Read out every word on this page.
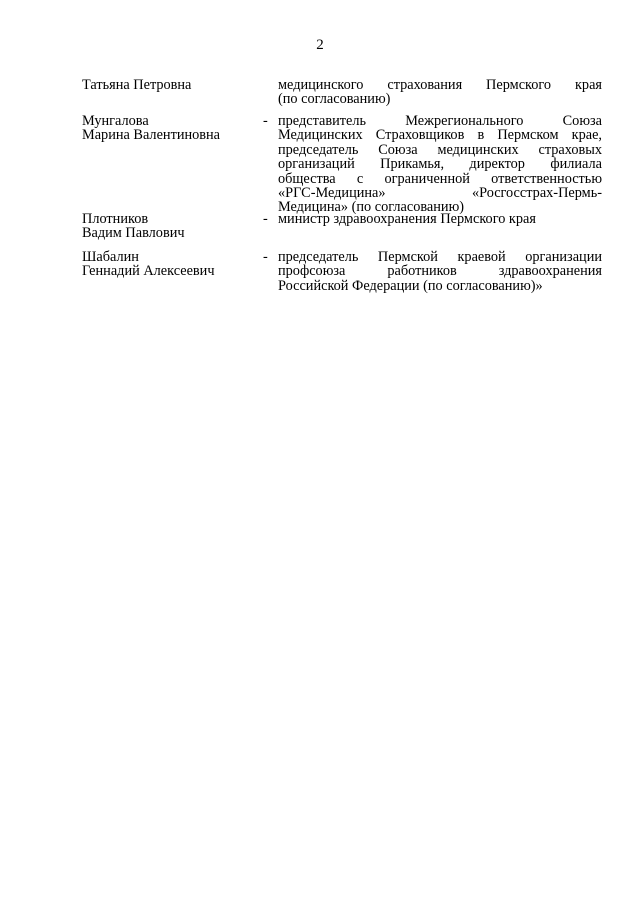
2
Татьяна Петровна	медицинского страхования Пермского края
(по согласованию)
Мунгалова
Марина Валентиновна
- представитель Межрегионального Союза
Медицинских Страховщиков в Пермском крае,
председатель Союза медицинских страховых
организаций Прикамья, директор филиала
общества с ограниченной ответственностью
«РГС-Медицина» «Росгосстрах-Пермь-
Медицина» (по согласованию)
Плотников
Вадим Павлович
- министр здравоохранения Пермского края
Шабалин
Геннадий Алексеевич
- председатель Пермской краевой организации
профсоюза работников здравоохранения
Российской Федерации (по согласованию)»
